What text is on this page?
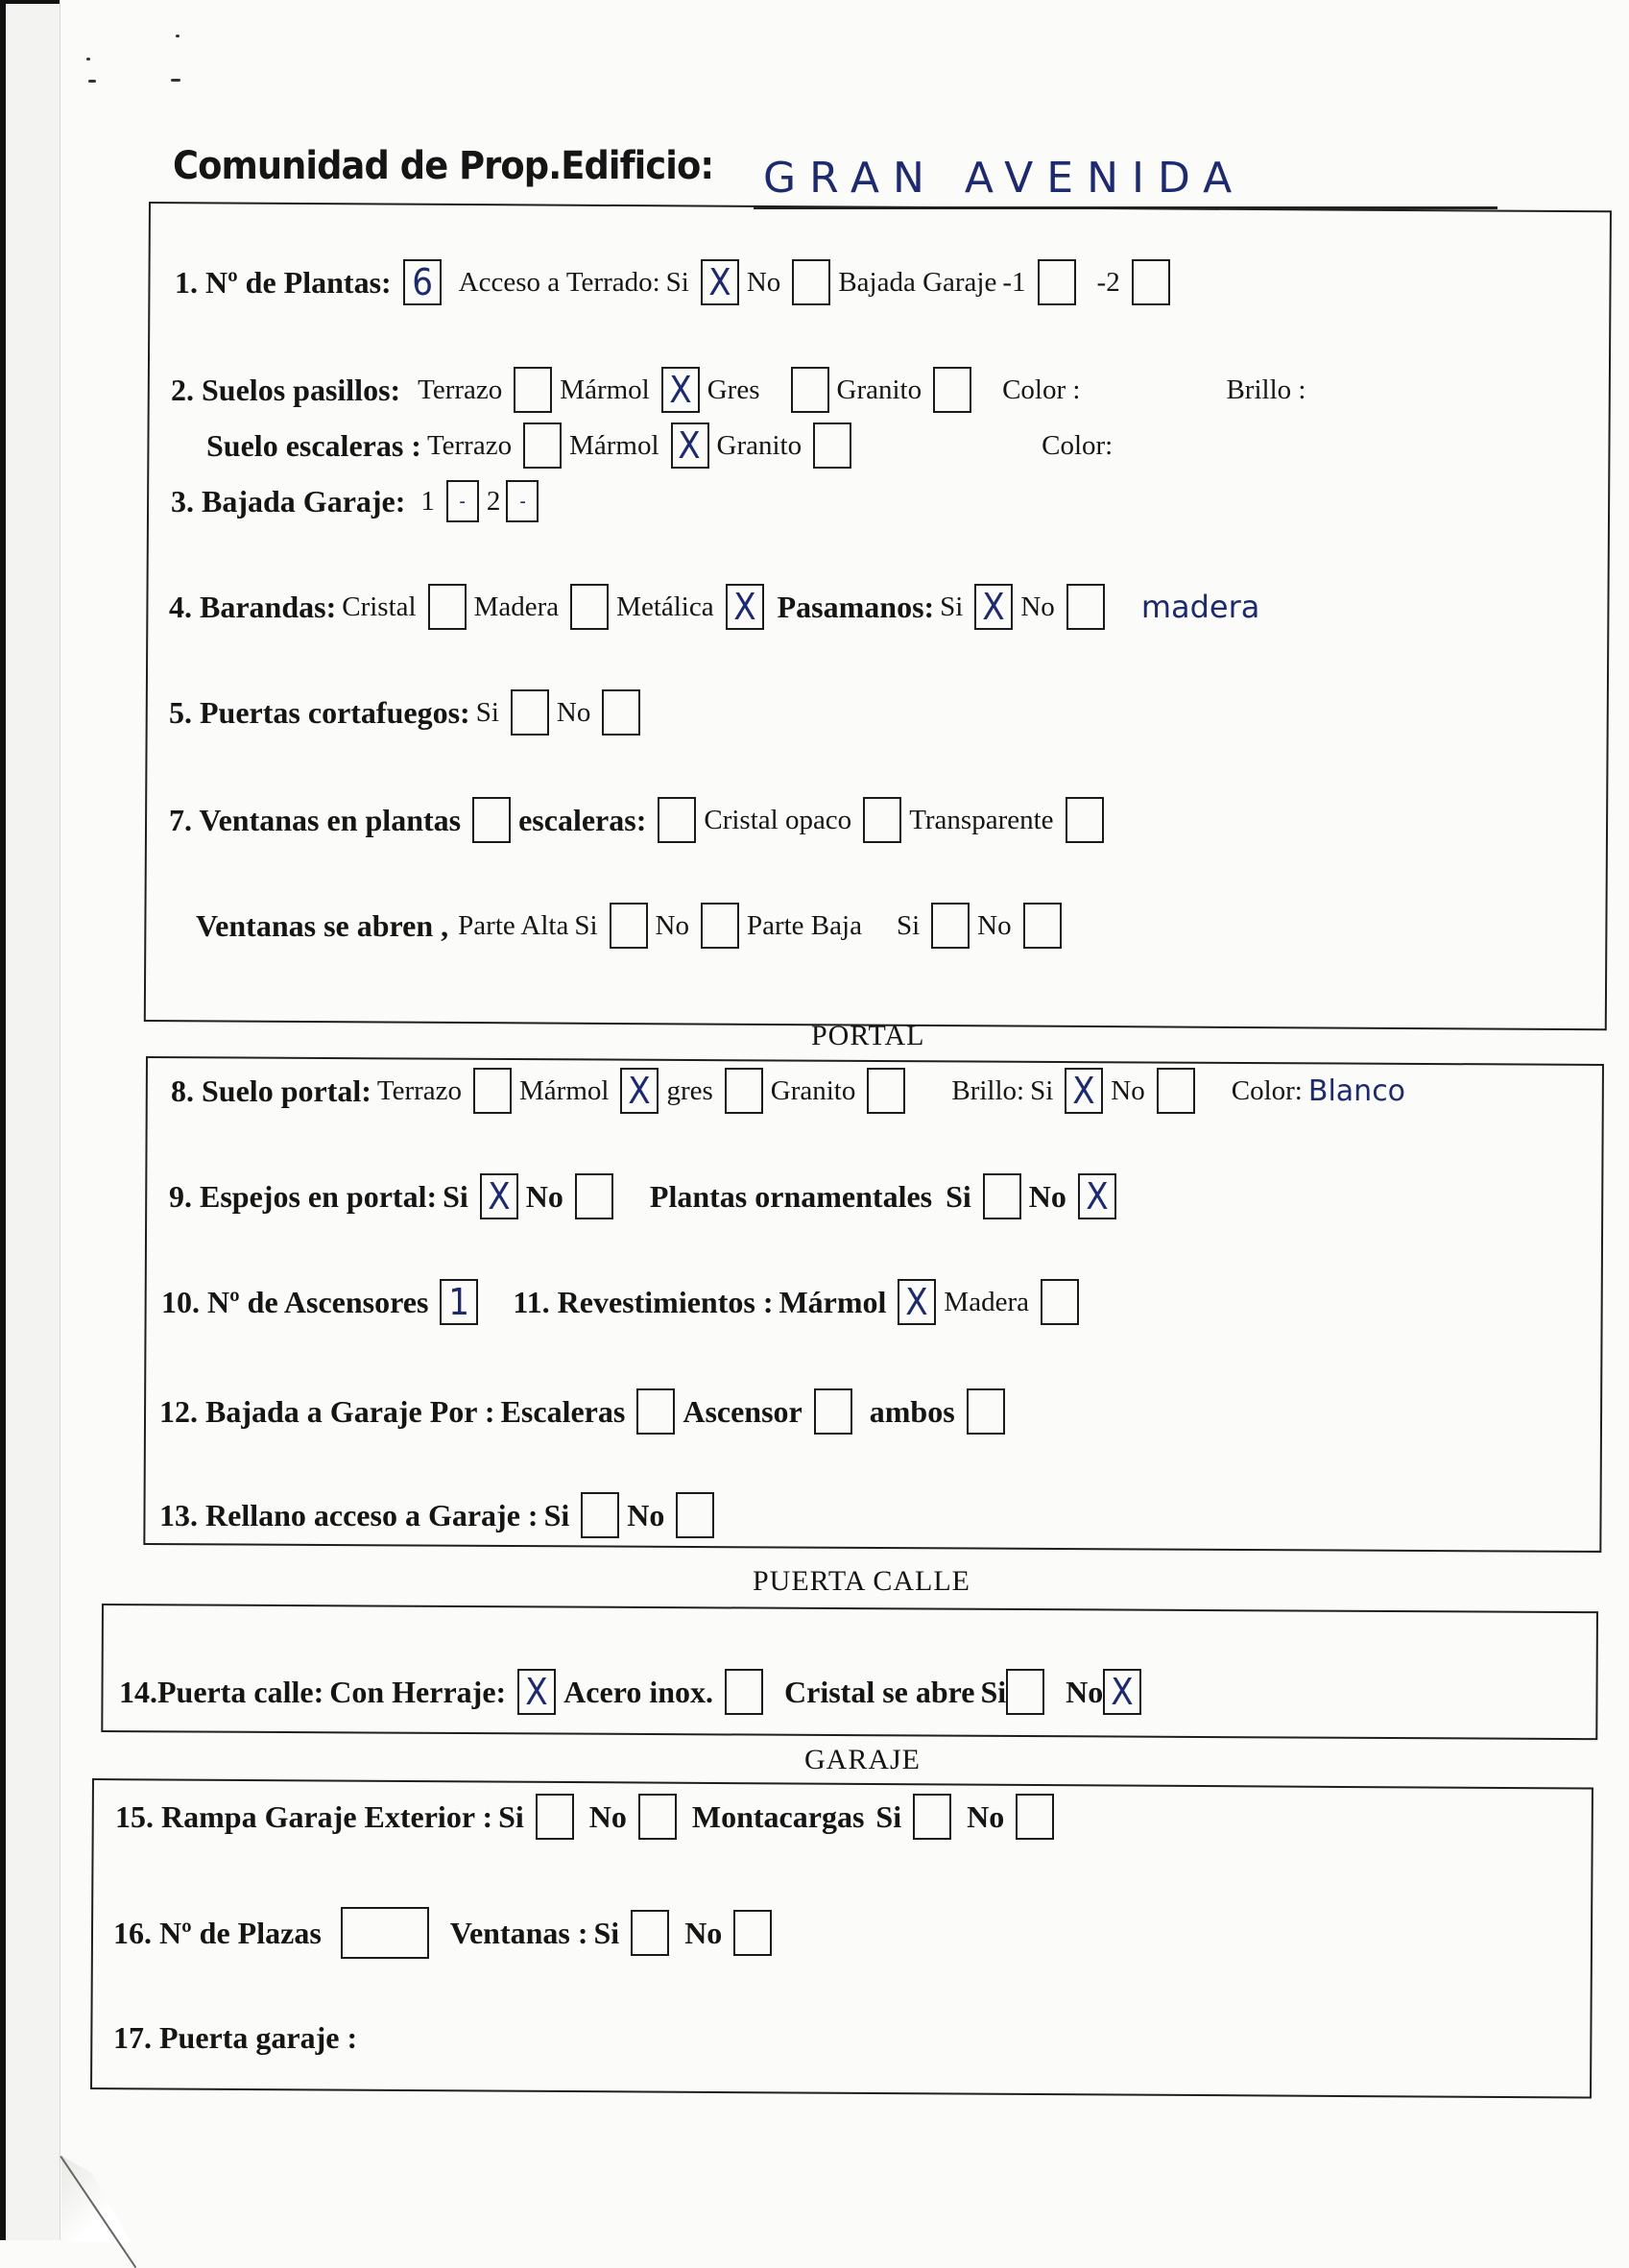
Comunidad de Prop.Edificio:	GRAN AVENIDA
1. Nº de Plantas: 6 Acceso a Terrado: Si X No Bajada Garaje -1	-2
2. Suelos pasillos: Terrazo Mármol X Gres	Granito	Color :	Brillo :
Suelo escaleras : Terrazo Mármol X Granito	Color:
3. Bajada Garaje: 1 - 2 -
4. Barandas: Cristal Madera Metálica X Pasamanos: Si X No	madera
5. Puertas cortafuegos: Si No
7. Ventanas en plantas escaleras: Cristal opaco Transparente
Ventanas se abren , Parte Alta Si No Parte Baja Si No
PORTAL
8. Suelo portal: Terrazo Mármol X gres Granito	Brillo: Si X No	Color: Blanco
9. Espejos en portal: Si X No	Plantas ornamentales Si No X
10. Nº de Ascensores 1 11. Revestimientos : Mármol X Madera
12. Bajada a Garaje Por : Escaleras Ascensor ambos
13. Rellano acceso a Garaje : Si No
PUERTA CALLE
14.Puerta calle: Con Herraje: X Acero inox. Cristal se abre Si No X
GARAJE
15. Rampa Garaje Exterior : Si No Montacargas Si No
16. Nº de Plazas	Ventanas : Si No
17. Puerta garaje :
